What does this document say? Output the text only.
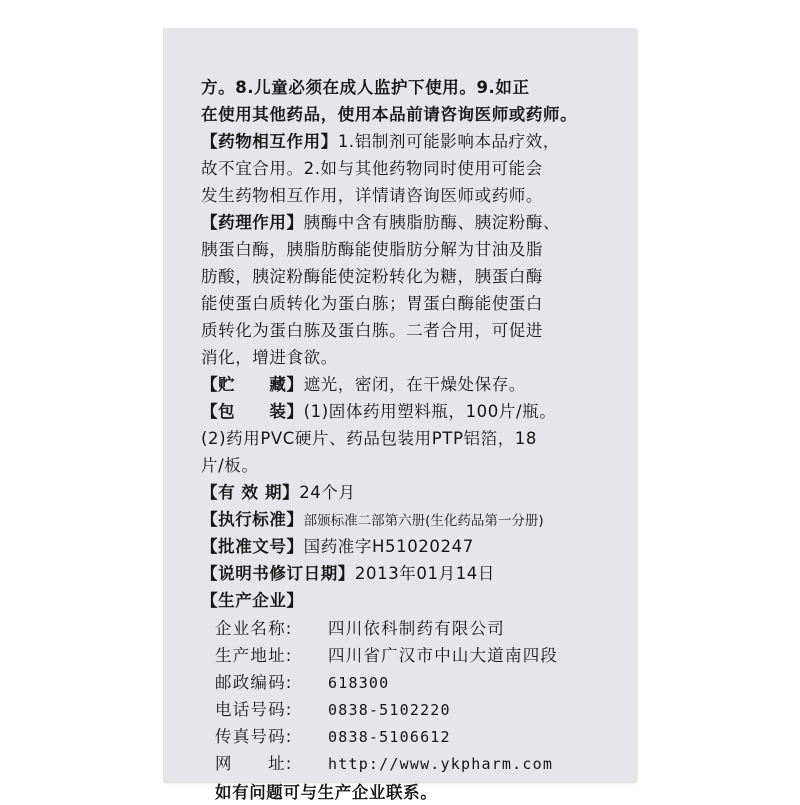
方。8.儿童必须在成人监护下使用。9.如正
在使用其他药品，使用本品前请咨询医师或药师。
【药物相互作用】1.铝制剂可能影响本品疗效，
故不宜合用。2.如与其他药物同时使用可能会
发生药物相互作用，详情请咨询医师或药师。
【药理作用】胰酶中含有胰脂肪酶、胰淀粉酶、
胰蛋白酶，胰脂肪酶能使脂肪分解为甘油及脂
肪酸，胰淀粉酶能使淀粉转化为糖，胰蛋白酶
能使蛋白质转化为蛋白胨；胃蛋白酶能使蛋白
质转化为蛋白胨及蛋白胨。二者合用，可促进
消化，增进食欲。
【贮　　藏】遮光，密闭，在干燥处保存。
【包　　装】(1)固体药用塑料瓶，100片/瓶。
(2)药用PVC硬片、药品包装用PTP铝箔，18
片/板。
【有 效 期】24个月
【执行标准】部颁标准二部第六册(生化药品第一分册)
【批准文号】国药准字H51020247
【说明书修订日期】2013年01月14日
【生产企业】
企业名称: 四川依科制药有限公司
生产地址: 四川省广汉市中山大道南四段
邮政编码: 618300
电话号码: 0838-5102220
传真号码: 0838-5106612
网　　址: http://www.ykpharm.com
如有问题可与生产企业联系。
